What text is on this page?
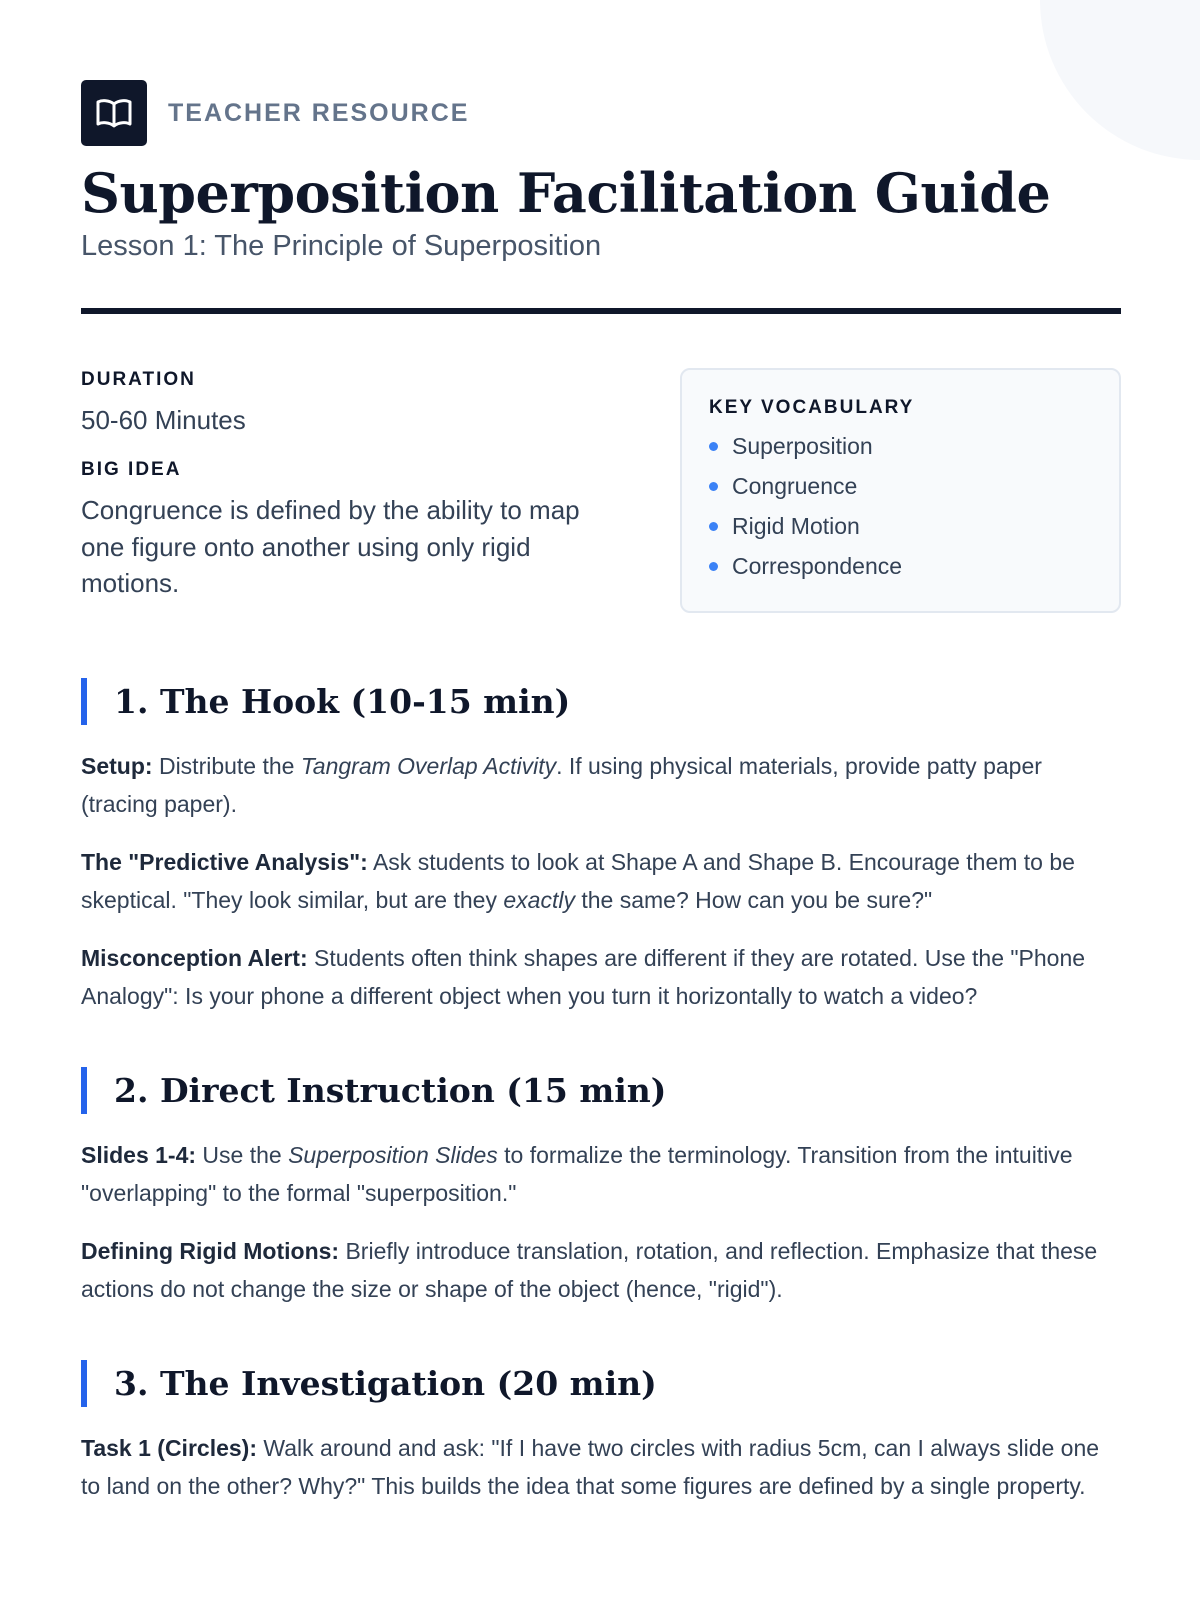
TEACHER RESOURCE
Superposition Facilitation Guide
Lesson 1: The Principle of Superposition
DURATION
50-60 Minutes
BIG IDEA
Congruence is defined by the ability to map one figure onto another using only rigid motions.
KEY VOCABULARY
Superposition
Congruence
Rigid Motion
Correspondence
1. The Hook (10-15 min)

Setup: Distribute the Tangram Overlap Activity. If using physical materials, provide patty paper (tracing paper).

The "Predictive Analysis": Ask students to look at Shape A and Shape B. Encourage them to be skeptical. "They look similar, but are they exactly the same? How can you be sure?"

Misconception Alert: Students often think shapes are different if they are rotated. Use the "Phone Analogy": Is your phone a different object when you turn it horizontally to watch a video?

2. Direct Instruction (15 min)

Slides 1-4: Use the Superposition Slides to formalize the terminology. Transition from the intuitive "overlapping" to the formal "superposition."

Defining Rigid Motions: Briefly introduce translation, rotation, and reflection. Emphasize that these actions do not change the size or shape of the object (hence, "rigid").

3. The Investigation (20 min)

Task 1 (Circles): Walk around and ask: "If I have two circles with radius 5cm, can I always slide one to land on the other? Why?" This builds the idea that some figures are defined by a single property.
